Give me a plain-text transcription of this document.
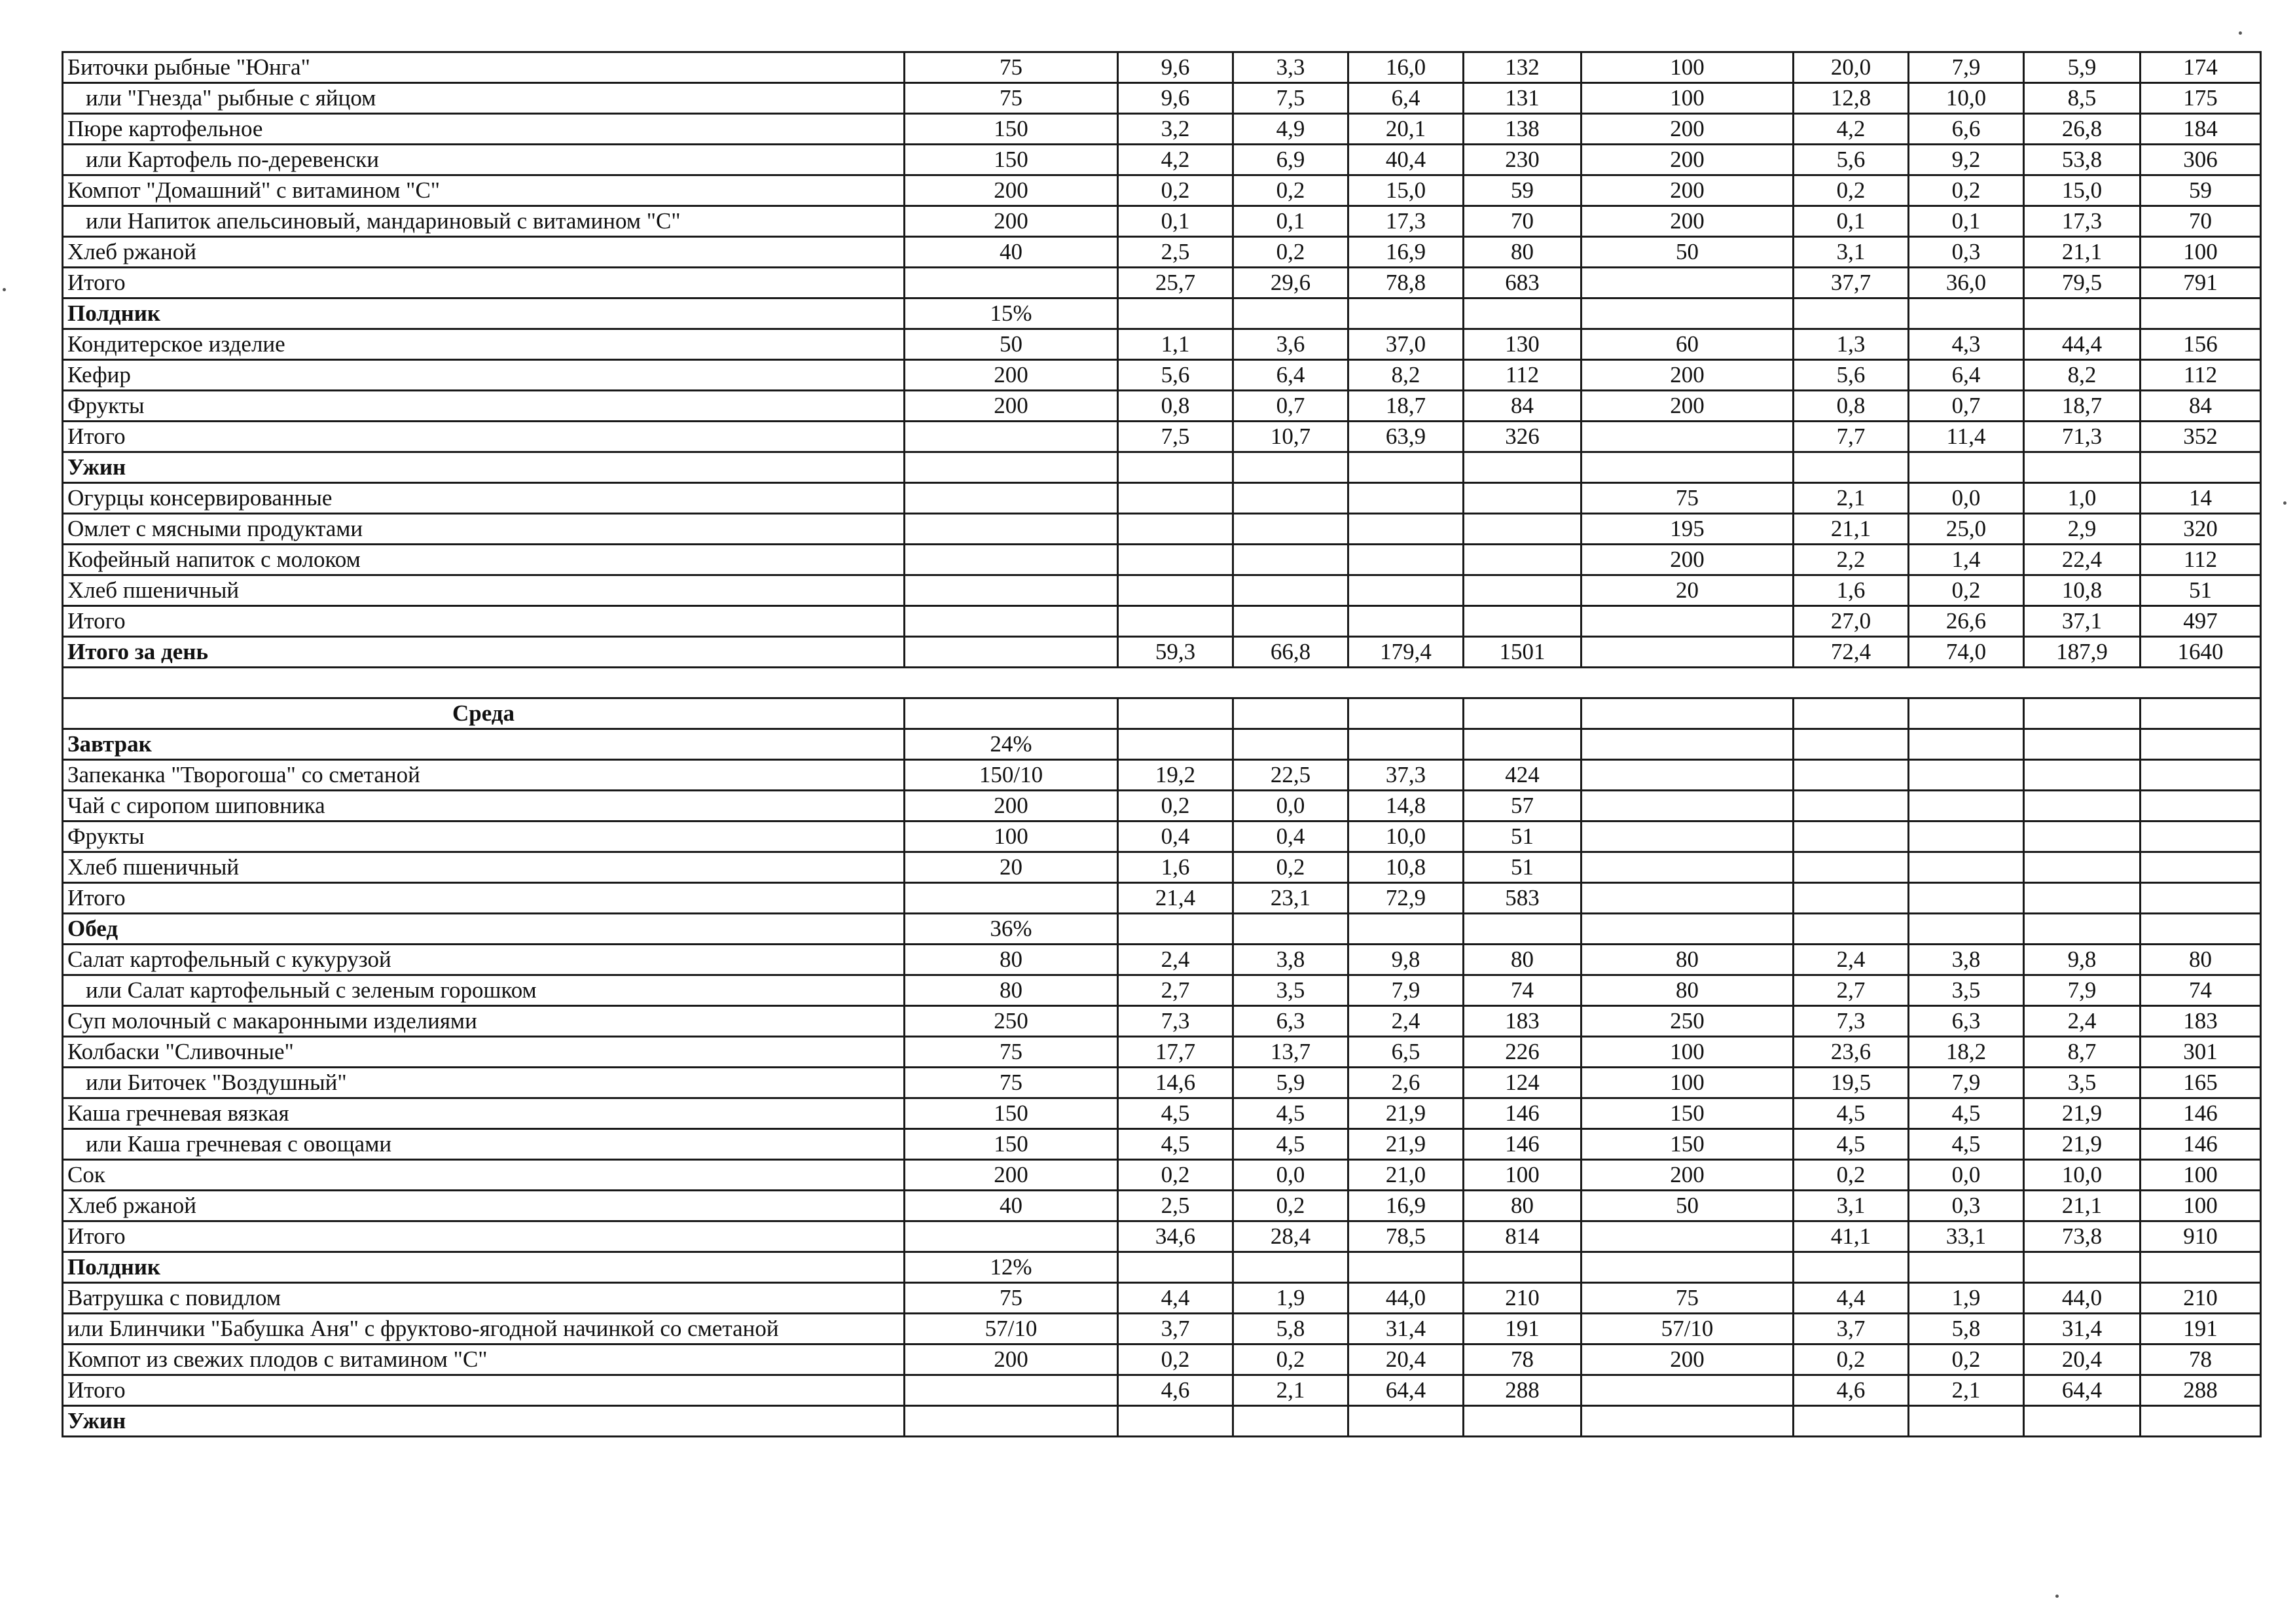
Биточки рыбные "Юнга"	75	9,6	3,3	16,0	132	100	20,0	7,9	5,9	174
или "Гнезда" рыбные с яйцом	75	9,6	7,5	6,4	131	100	12,8	10,0	8,5	175
Пюре картофельное	150	3,2	4,9	20,1	138	200	4,2	6,6	26,8	184
или Картофель по-деревенски	150	4,2	6,9	40,4	230	200	5,6	9,2	53,8	306
Компот "Домашний" с витамином "С"	200	0,2	0,2	15,0	59	200	0,2	0,2	15,0	59
или Напиток апельсиновый, мандариновый с витамином "С"	200	0,1	0,1	17,3	70	200	0,1	0,1	17,3	70
Хлеб ржаной	40	2,5	0,2	16,9	80	50	3,1	0,3	21,1	100
Итого		25,7	29,6	78,8	683		37,7	36,0	79,5	791
Полдник	15%									
Кондитерское изделие	50	1,1	3,6	37,0	130	60	1,3	4,3	44,4	156
Кефир	200	5,6	6,4	8,2	112	200	5,6	6,4	8,2	112
Фрукты	200	0,8	0,7	18,7	84	200	0,8	0,7	18,7	84
Итого		7,5	10,7	63,9	326		7,7	11,4	71,3	352
Ужин										
Огурцы консервированные						75	2,1	0,0	1,0	14
Омлет с мясными продуктами						195	21,1	25,0	2,9	320
Кофейный напиток с молоком						200	2,2	1,4	22,4	112
Хлеб пшеничный						20	1,6	0,2	10,8	51
Итого							27,0	26,6	37,1	497
Итого за день		59,3	66,8	179,4	1501		72,4	74,0	187,9	1640

Среда										
Завтрак	24%									
Запеканка "Творогоша" со сметаной	150/10	19,2	22,5	37,3	424					
Чай с сиропом шиповника	200	0,2	0,0	14,8	57					
Фрукты	100	0,4	0,4	10,0	51					
Хлеб пшеничный	20	1,6	0,2	10,8	51					
Итого		21,4	23,1	72,9	583					
Обед	36%									
Салат картофельный с кукурузой	80	2,4	3,8	9,8	80	80	2,4	3,8	9,8	80
или Салат картофельный с зеленым горошком	80	2,7	3,5	7,9	74	80	2,7	3,5	7,9	74
Суп молочный с макаронными изделиями	250	7,3	6,3	2,4	183	250	7,3	6,3	2,4	183
Колбаски "Сливочные"	75	17,7	13,7	6,5	226	100	23,6	18,2	8,7	301
или Биточек "Воздушный"	75	14,6	5,9	2,6	124	100	19,5	7,9	3,5	165
Каша гречневая вязкая	150	4,5	4,5	21,9	146	150	4,5	4,5	21,9	146
или Каша гречневая с овощами	150	4,5	4,5	21,9	146	150	4,5	4,5	21,9	146
Сок	200	0,2	0,0	21,0	100	200	0,2	0,0	10,0	100
Хлеб ржаной	40	2,5	0,2	16,9	80	50	3,1	0,3	21,1	100
Итого		34,6	28,4	78,5	814		41,1	33,1	73,8	910
Полдник	12%									
Ватрушка с повидлом	75	4,4	1,9	44,0	210	75	4,4	1,9	44,0	210
или Блинчики "Бабушка Аня" с фруктово-ягодной начинкой со сметаной	57/10	3,7	5,8	31,4	191	57/10	3,7	5,8	31,4	191
Компот из свежих плодов с витамином "С"	200	0,2	0,2	20,4	78	200	0,2	0,2	20,4	78
Итого		4,6	2,1	64,4	288		4,6	2,1	64,4	288
Ужин										
